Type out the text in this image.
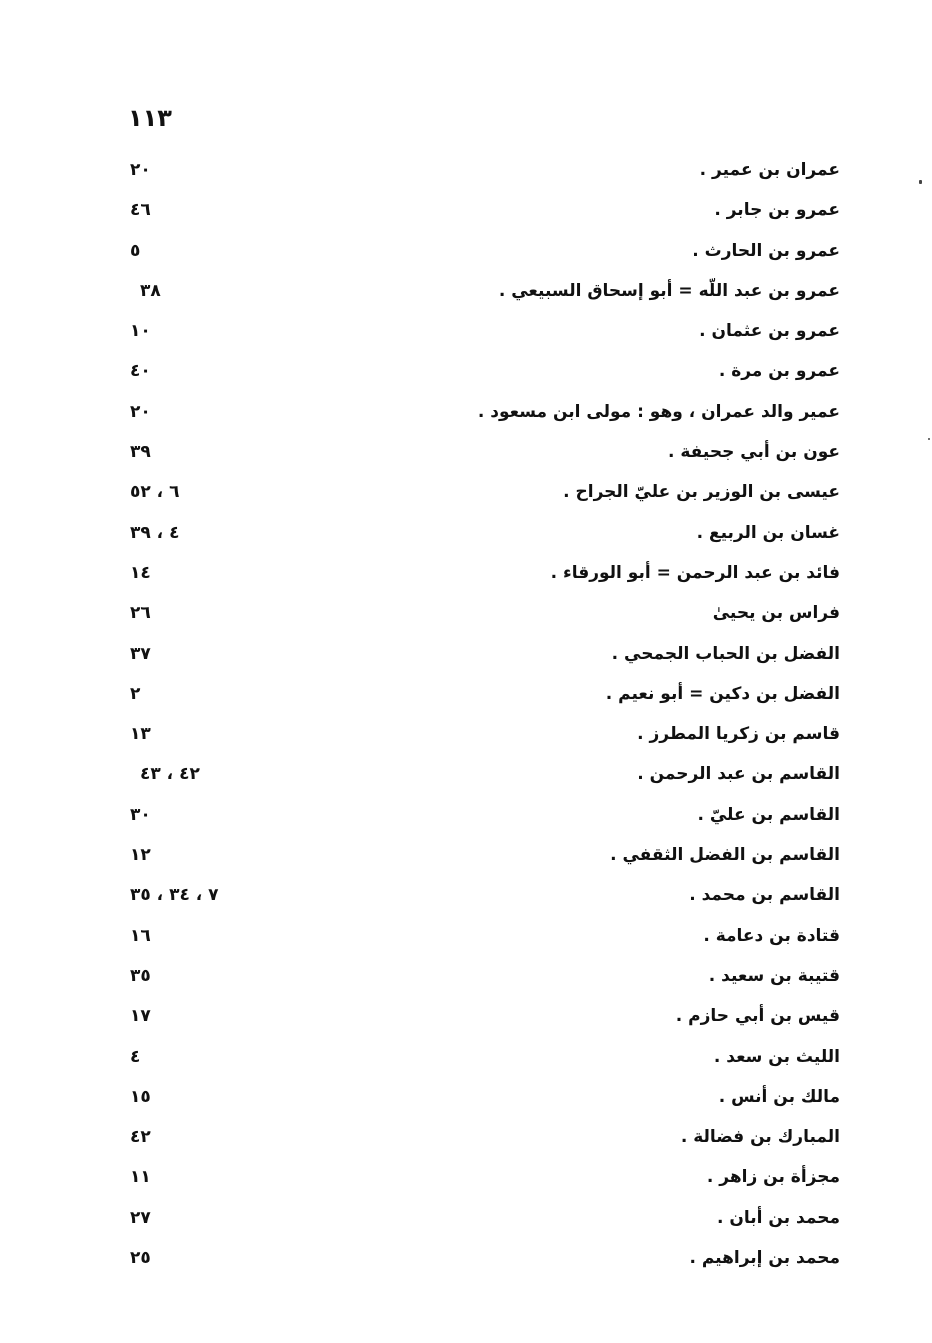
١١٣
عمران بن عمير .
٢٠
عمرو بن جابر .
٤٦
عمرو بن الحارث .
٥
عمرو بن عبد اللّه = أبو إسحاق السبيعي .
٣٨
عمرو بن عثمان .
١٠
عمرو بن مرة .
٤٠
عمير والد عمران ، وهو : مولى ابن مسعود .
٢٠
عون بن أبي جحيفة .
٣٩
عيسى بن الوزير بن عليّ الجراح .
٦ ، ٥٢
غسان بن الربيع .
٤ ، ٣٩
فائد بن عبد الرحمن = أبو الورقاء .
١٤
فراس بن يحيىٰ
٢٦
الفضل بن الحباب الجمحي .
٣٧
الفضل بن دكين = أبو نعيم .
٢
قاسم بن زكريا المطرز .
١٣
القاسم بن عبد الرحمن .
٤٢ ، ٤٣
القاسم بن عليّ .
٣٠
القاسم بن الفضل الثقفي .
١٢
القاسم بن محمد .
٧ ، ٣٤ ، ٣٥
قتادة بن دعامة .
١٦
قتيبة بن سعيد .
٣٥
قيس بن أبي حازم .
١٧
الليث بن سعد .
٤
مالك بن أنس .
١٥
المبارك بن فضالة .
٤٢
مجزأة بن زاهر .
١١
محمد بن أبان .
٢٧
محمد بن إبراهيم .
٢٥
